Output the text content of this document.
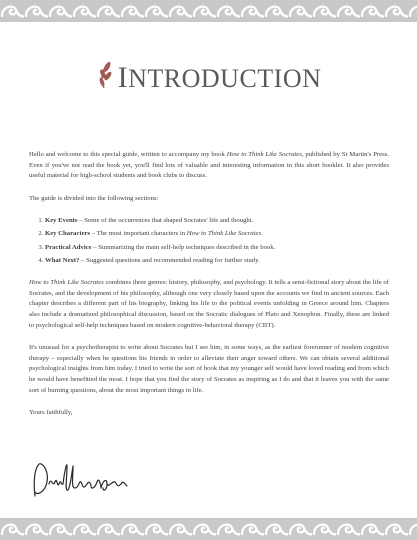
INTRODUCTION

Hello and welcome to this special guide, written to accompany my book How to Think Like Socrates, published by St Martin's Press. Even if you've not read the book yet, you'll find lots of valuable and interesting information in this short booklet. It also provides useful material for high-school students and book clubs to discuss.

The guide is divided into the following sections:

1. Key Events – Some of the occurrences that shaped Socrates' life and thought.
2. Key Characters – The most important characters in How to Think Like Socrates.
3. Practical Advice – Summarizing the main self-help techniques described in the book.
4. What Next? – Suggested questions and recommended reading for further study.

How to Think Like Socrates combines three genres: history, philosophy, and psychology. It tells a semi-fictional story about the life of Socrates, and the development of his philosophy, although one very closely based upon the accounts we find in ancient sources. Each chapter describes a different part of his biography, linking his life to the political events unfolding in Greece around him. Chapters also include a dramatized philosophical discussion, based on the Socratic dialogues of Plato and Xenophon. Finally, these are linked to psychological self-help techniques based on modern cognitive-behavioral therapy (CBT).

It's unusual for a psychotherapist to write about Socrates but I see him, in some ways, as the earliest forerunner of modern cognitive therapy – especially when he questions his friends in order to alleviate their anger toward others. We can obtain several additional psychological insights from him today. I tried to write the sort of book that my younger self would have loved reading and from which he would have benefitted the most. I hope that you find the story of Socrates as inspiring as I do and that it leaves you with the same sort of burning questions, about the most important things in life.

Yours faithfully,
